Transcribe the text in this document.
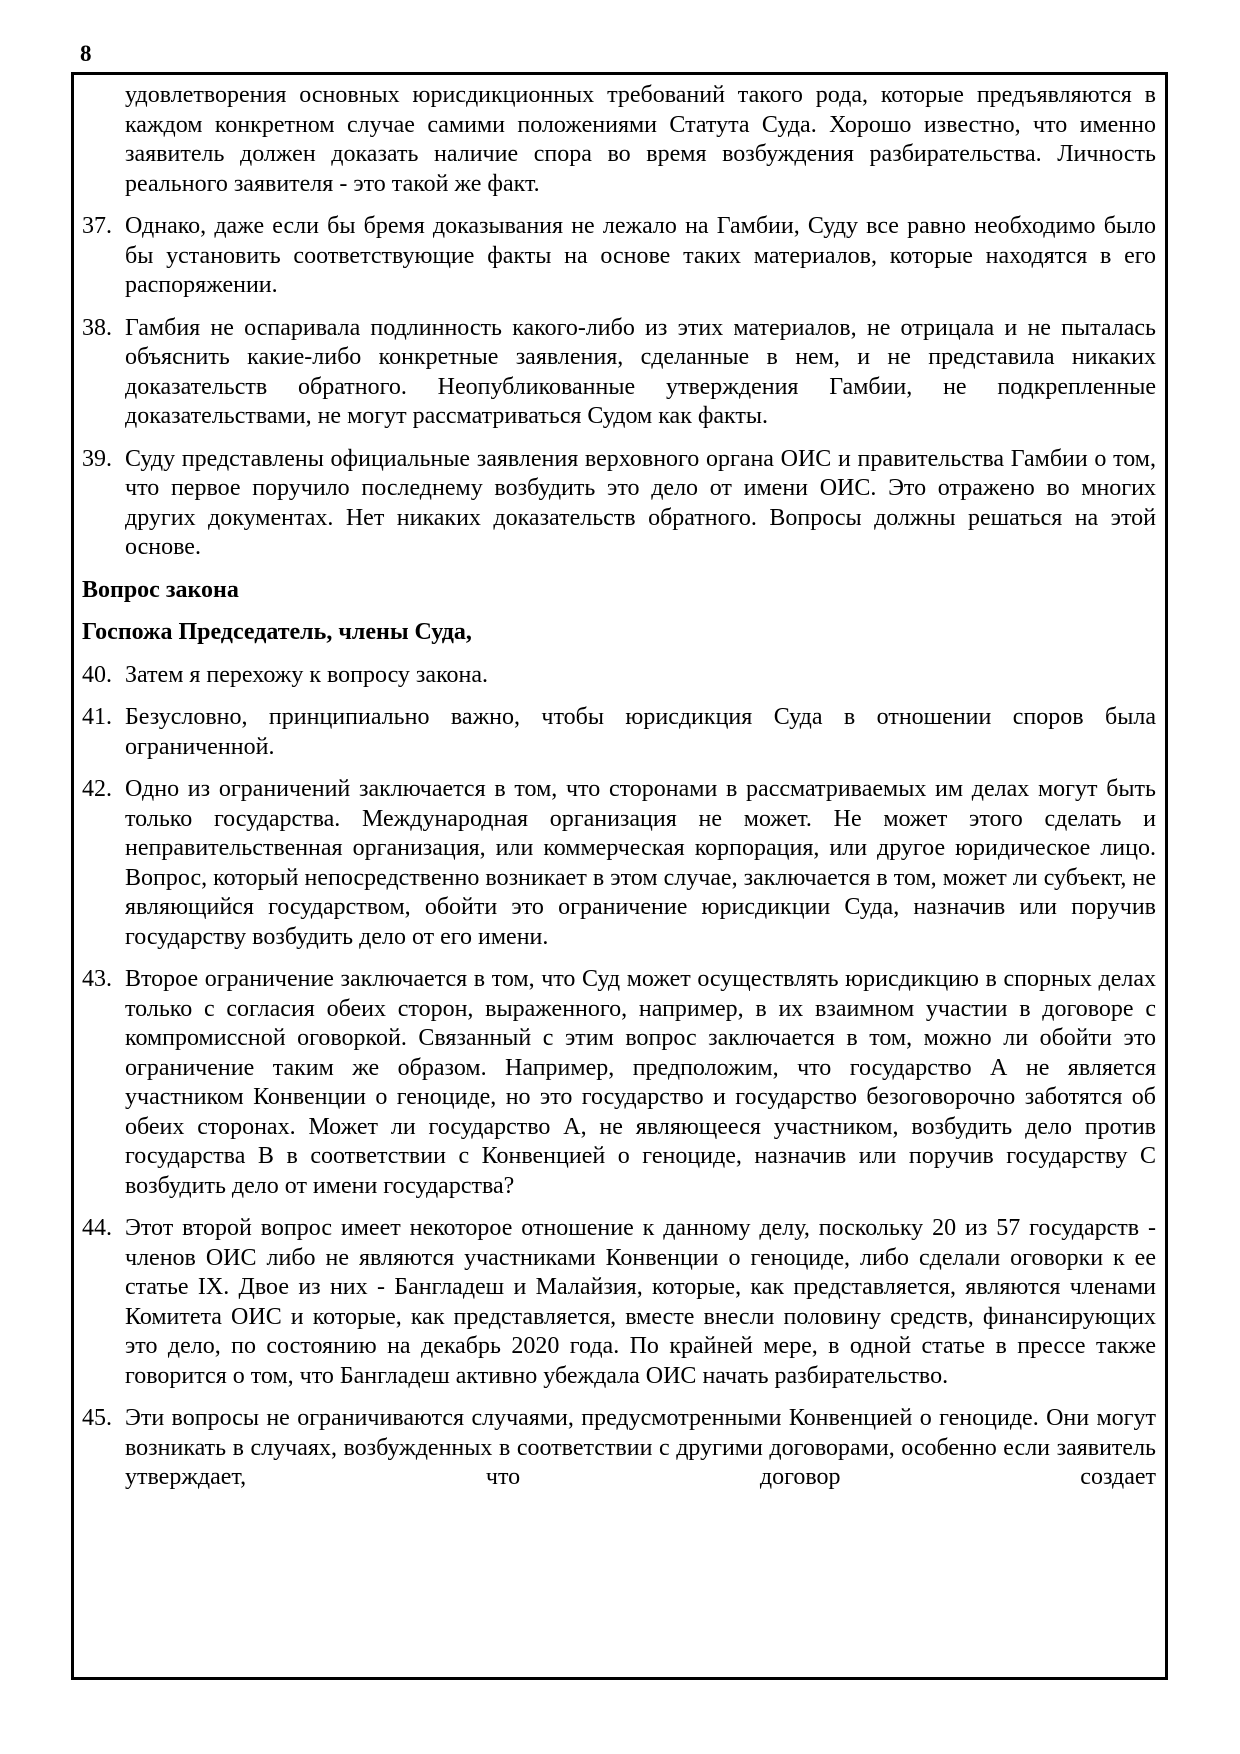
8

удовлетворения основных юрисдикционных требований такого рода, которые предъявляются в каждом конкретном случае самими положениями Статута Суда. Хорошо известно, что именно заявитель должен доказать наличие спора во время возбуждения разбирательства. Личность реального заявителя - это такой же факт.

37. Однако, даже если бы бремя доказывания не лежало на Гамбии, Суду все равно необходимо было бы установить соответствующие факты на основе таких материалов, которые находятся в его распоряжении.
38. Гамбия не оспаривала подлинность какого-либо из этих материалов, не отрицала и не пыталась объяснить какие-либо конкретные заявления, сделанные в нем, и не представила никаких доказательств обратного. Неопубликованные утверждения Гамбии, не подкрепленные доказательствами, не могут рассматриваться Судом как факты.
39. Суду представлены официальные заявления верховного органа ОИС и правительства Гамбии о том, что первое поручило последнему возбудить это дело от имени ОИС. Это отражено во многих других документах. Нет никаких доказательств обратного. Вопросы должны решаться на этой основе.
Вопрос закона
Госпожа Председатель, члены Суда,
40. Затем я перехожу к вопросу закона.
41. Безусловно, принципиально важно, чтобы юрисдикция Суда в отношении споров была ограниченной.
42. Одно из ограничений заключается в том, что сторонами в рассматриваемых им делах могут быть только государства. Международная организация не может. Не может этого сделать и неправительственная организация, или коммерческая корпорация, или другое юридическое лицо. Вопрос, который непосредственно возникает в этом случае, заключается в том, может ли субъект, не являющийся государством, обойти это ограничение юрисдикции Суда, назначив или поручив государству возбудить дело от его имени.
43. Второе ограничение заключается в том, что Суд может осуществлять юрисдикцию в спорных делах только с согласия обеих сторон, выраженного, например, в их взаимном участии в договоре с компромиссной оговоркой. Связанный с этим вопрос заключается в том, можно ли обойти это ограничение таким же образом. Например, предположим, что государство А не является участником Конвенции о геноциде, но это государство и государство безоговорочно заботятся об обеих сторонах. Может ли государство А, не являющееся участником, возбудить дело против государства В в соответствии с Конвенцией о геноциде, назначив или поручив государству С возбудить дело от имени государства?
44. Этот второй вопрос имеет некоторое отношение к данному делу, поскольку 20 из 57 государств - членов ОИС либо не являются участниками Конвенции о геноциде, либо сделали оговорки к ее статье IX. Двое из них - Бангладеш и Малайзия, которые, как представляется, являются членами Комитета ОИС и которые, как представляется, вместе внесли половину средств, финансирующих это дело, по состоянию на декабрь 2020 года. По крайней мере, в одной статье в прессе также говорится о том, что Бангладеш активно убеждала ОИС начать разбирательство.
45. Эти вопросы не ограничиваются случаями, предусмотренными Конвенцией о геноциде. Они могут возникать в случаях, возбужденных в соответствии с другими договорами, особенно если заявитель утверждает, что договор создает
